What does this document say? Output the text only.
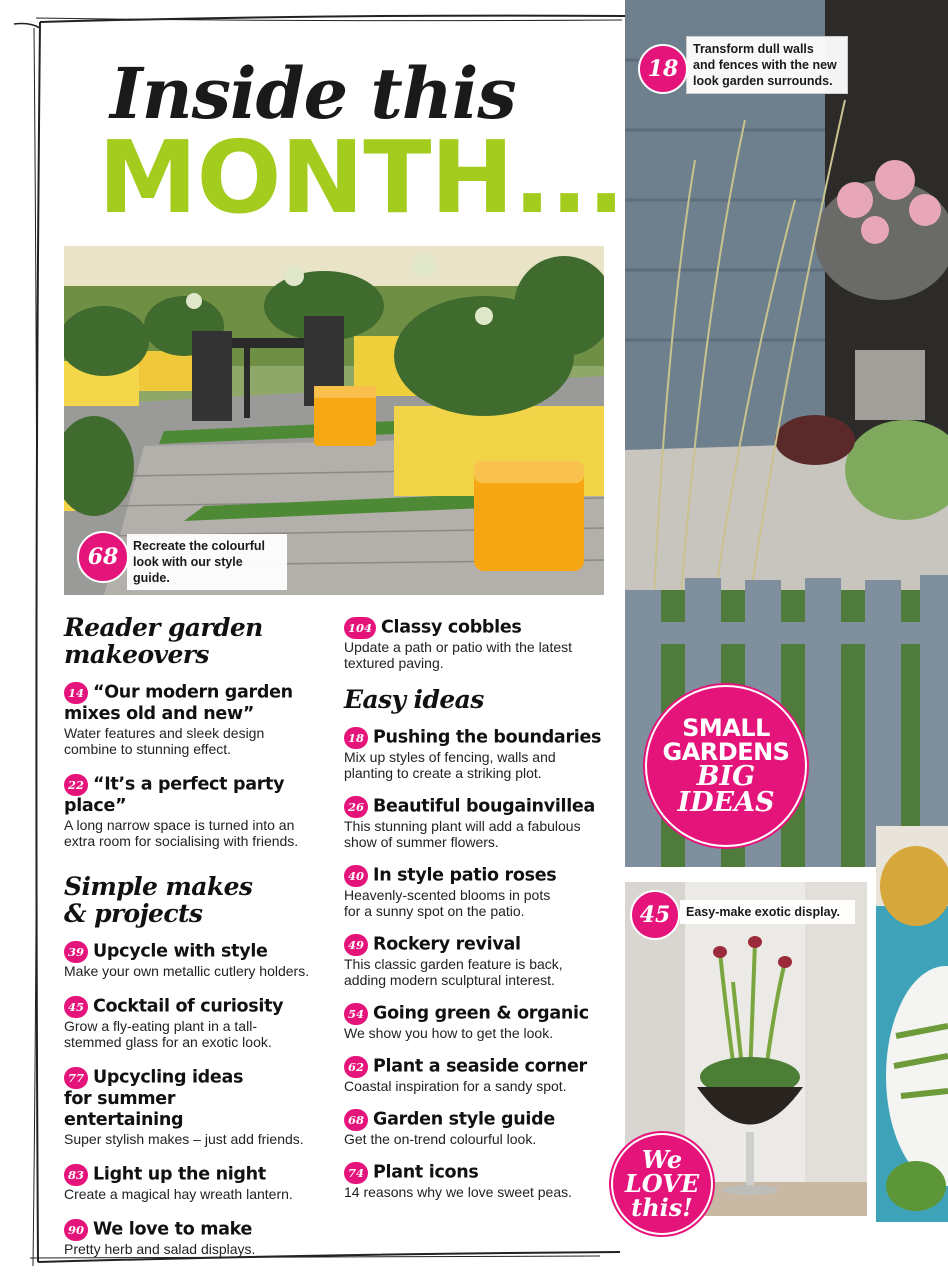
Inside this
MONTH...
68	Recreate the colourful look with our style guide.
Transform dull walls and fences with the new look garden surrounds.
18
SMALL
GARDENS
BIG
IDEAS
45	Easy-make exotic display.
We
LOVE
this!
Reader garden makeovers
14 “Our modern garden mixes old and new”
Water features and sleek design combine to stunning effect.
22 “It’s a perfect party place”
A long narrow space is turned into an extra room for socialising with friends.
Simple makes & projects
39 Upcycle with style
Make your own metallic cutlery holders.
45 Cocktail of curiosity
Grow a fly-eating plant in a tall-stemmed glass for an exotic look.
77 Upcycling ideas for summer entertaining
Super stylish makes – just add friends.
83 Light up the night
Create a magical hay wreath lantern.
90 We love to make
Pretty herb and salad displays.
104 Classy cobbles
Update a path or patio with the latest textured paving.
Easy ideas
18 Pushing the boundaries
Mix up styles of fencing, walls and planting to create a striking plot.
26 Beautiful bougainvillea
This stunning plant will add a fabulous show of summer flowers.
40 In style patio roses
Heavenly-scented blooms in pots for a sunny spot on the patio.
49 Rockery revival
This classic garden feature is back, adding modern sculptural interest.
54 Going green & organic
We show you how to get the look.
62 Plant a seaside corner
Coastal inspiration for a sandy spot.
68 Garden style guide
Get the on-trend colourful look.
74 Plant icons
14 reasons why we love sweet peas.
